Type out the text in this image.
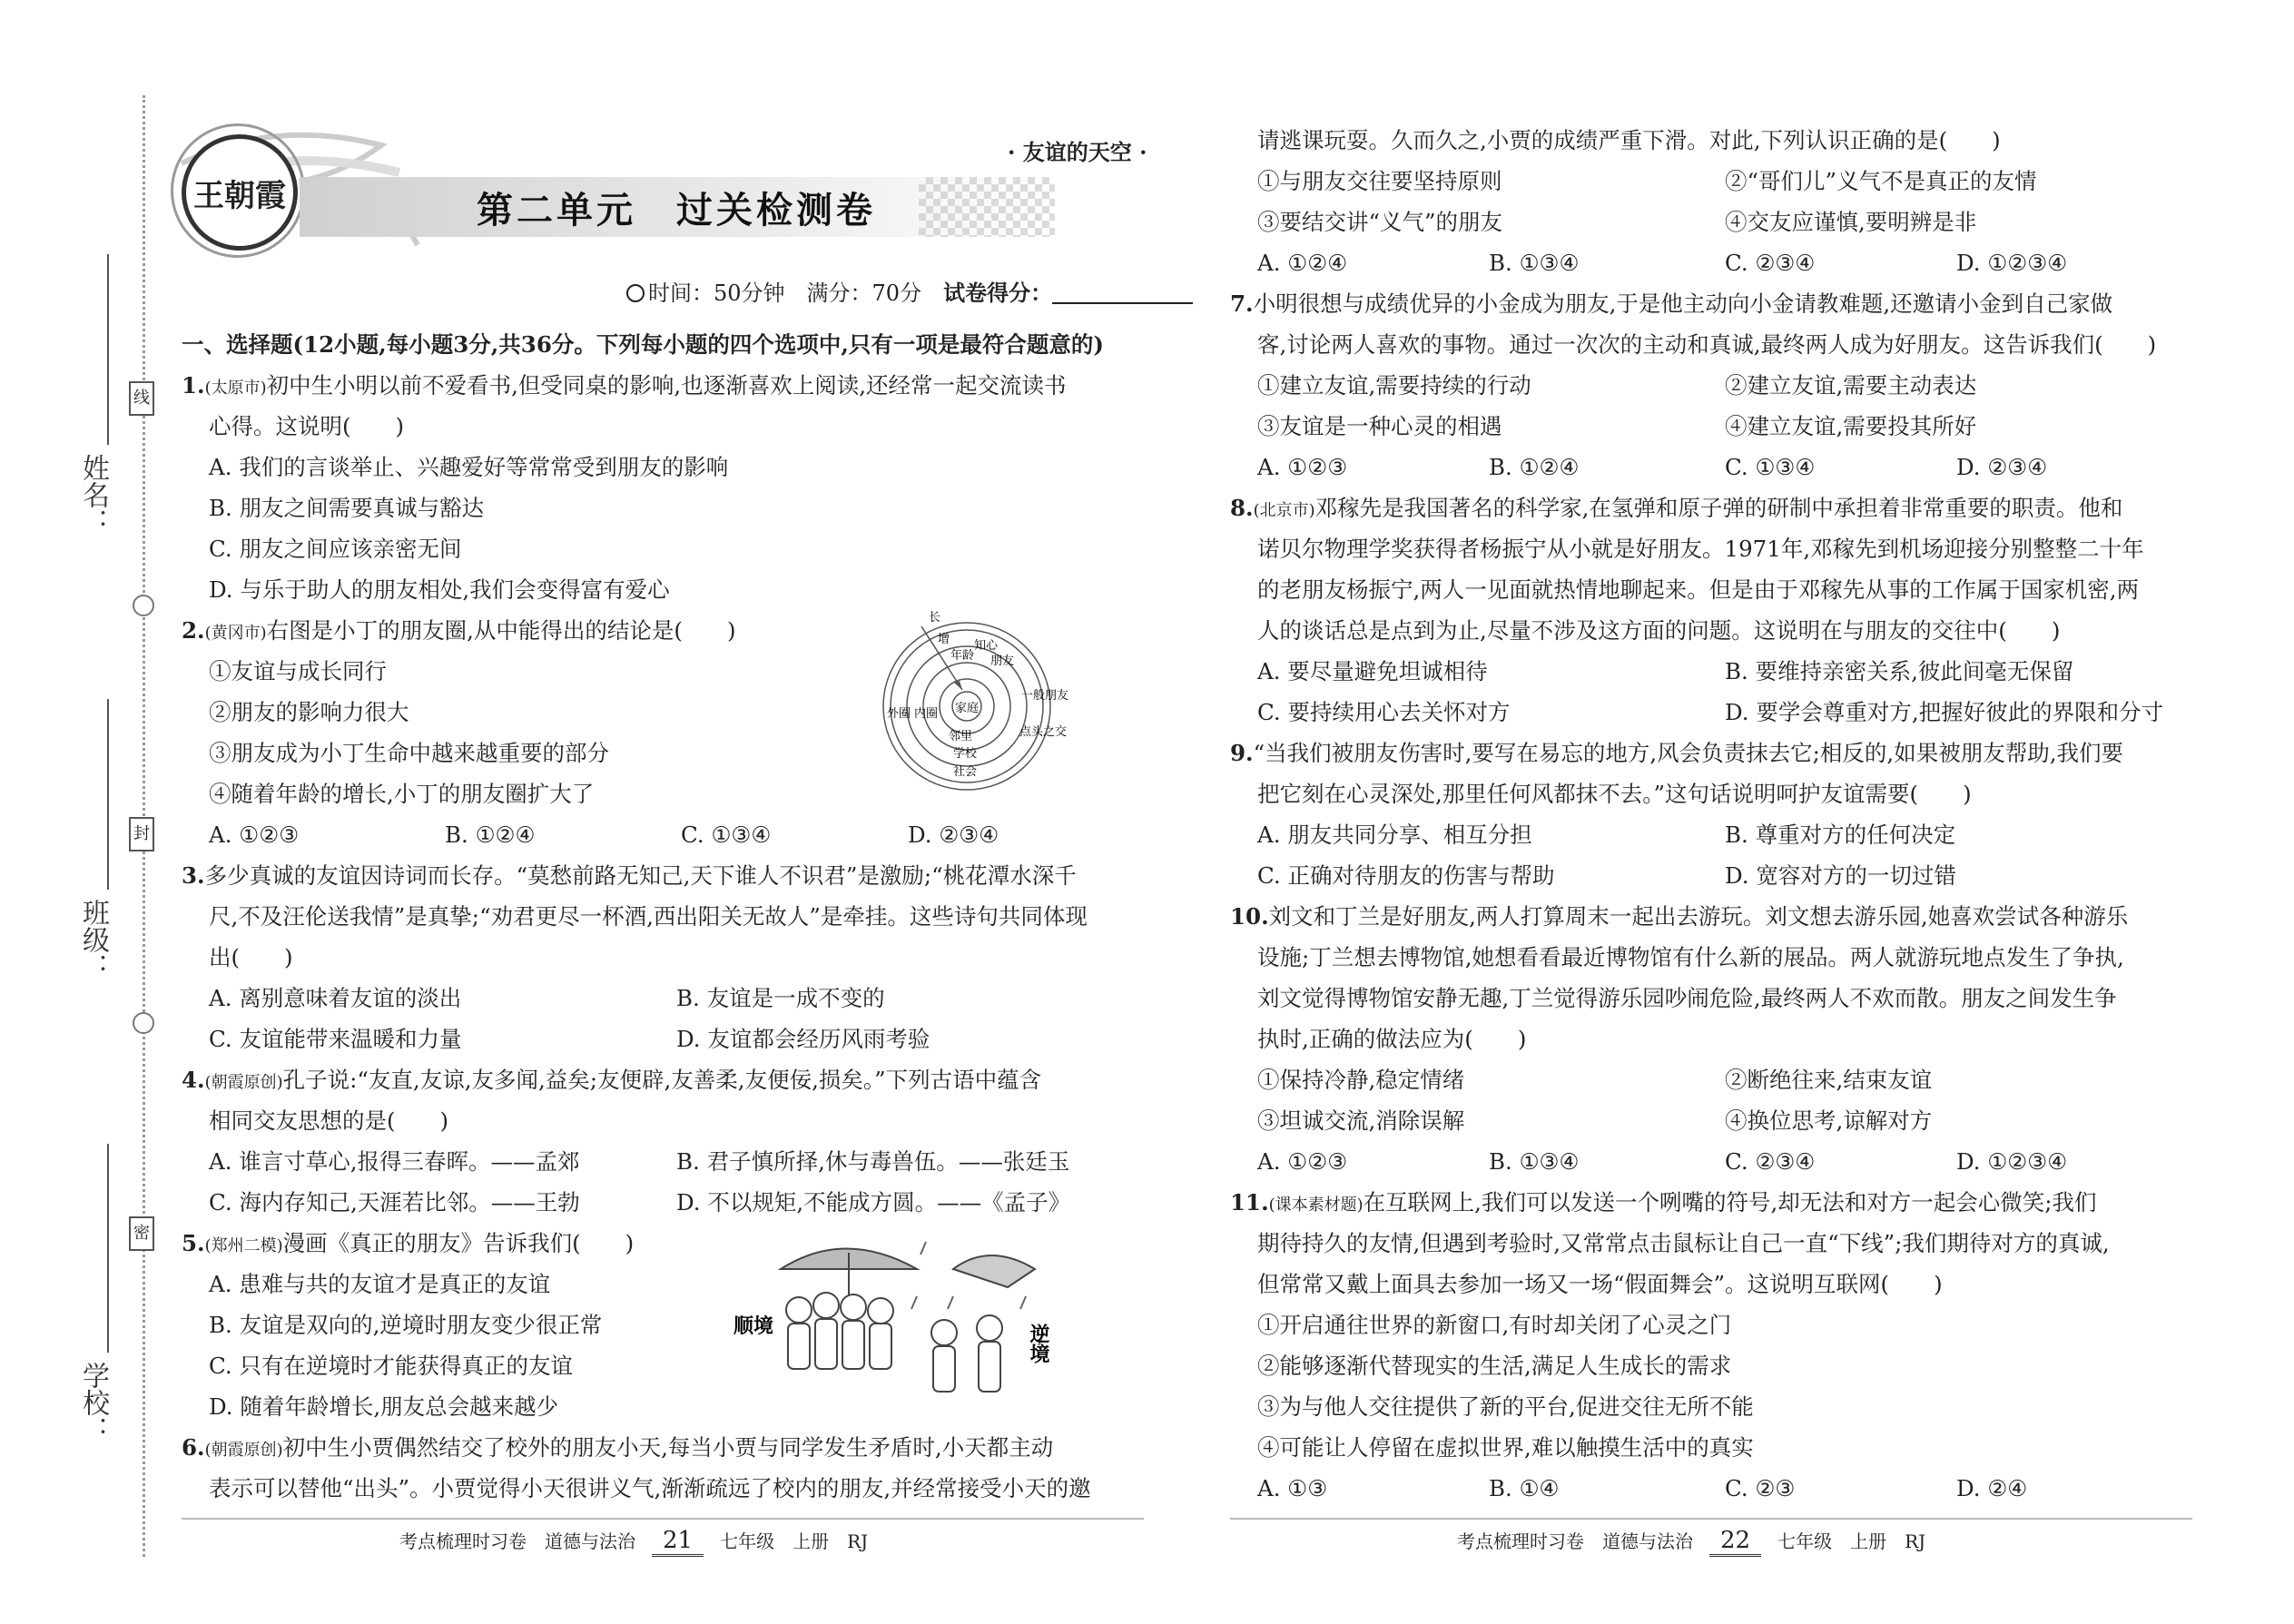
姓名：
班级：
学校：
线
封
密
王朝霞
· 友谊的天空 ·
第二单元　过关检测卷
时间：50分钟　满分：70分　试卷得分：
一、选择题(12小题,每小题3分,共36分。下列每小题的四个选项中,只有一项是最符合题意的)
1.(太原市)初中生小明以前不爱看书,但受同桌的影响,也逐渐喜欢上阅读,还经常一起交流读书
心得。这说明(　　)
A. 我们的言谈举止、兴趣爱好等常常受到朋友的影响
B. 朋友之间需要真诚与豁达
C. 朋友之间应该亲密无间
D. 与乐于助人的朋友相处,我们会变得富有爱心
2.(黄冈市)右图是小丁的朋友圈,从中能得出的结论是(　　)
①友谊与成长同行
②朋友的影响力很大
③朋友成为小丁生命中越来越重要的部分
④随着年龄的增长,小丁的朋友圈扩大了
A. ①②③	B. ①②④	C. ①③④	D. ②③④
长
增
年龄
知心
朋友
家庭
邻里
学校
社会
外圈 内圈
一般朋友
点头之交
3.多少真诚的友谊因诗词而长存。“莫愁前路无知己,天下谁人不识君”是激励;“桃花潭水深千
尺,不及汪伦送我情”是真挚;“劝君更尽一杯酒,西出阳关无故人”是牵挂。这些诗句共同体现
出(　　)
A. 离别意味着友谊的淡出	B. 友谊是一成不变的
C. 友谊能带来温暖和力量	D. 友谊都会经历风雨考验
4.(朝霞原创)孔子说:“友直,友谅,友多闻,益矣;友便辟,友善柔,友便佞,损矣。”下列古语中蕴含
相同交友思想的是(　　)
A. 谁言寸草心,报得三春晖。——孟郊	B. 君子慎所择,休与毒兽伍。——张廷玉
C. 海内存知己,天涯若比邻。——王勃	D. 不以规矩,不能成方圆。——《孟子》
5.(郑州二模)漫画《真正的朋友》告诉我们(　　)
A. 患难与共的友谊才是真正的友谊
B. 友谊是双向的,逆境时朋友变少很正常
C. 只有在逆境时才能获得真正的友谊
D. 随着年龄增长,朋友总会越来越少
顺境	逆境
6.(朝霞原创)初中生小贾偶然结交了校外的朋友小天,每当小贾与同学发生矛盾时,小天都主动
表示可以替他“出头”。小贾觉得小天很讲义气,渐渐疏远了校内的朋友,并经常接受小天的邀
考点梳理时习卷　道德与法治 21 七年级　上册　RJ
请逃课玩耍。久而久之,小贾的成绩严重下滑。对此,下列认识正确的是(　　)
①与朋友交往要坚持原则	②“哥们儿”义气不是真正的友情
③要结交讲“义气”的朋友	④交友应谨慎,要明辨是非
A. ①②④	B. ①③④	C. ②③④	D. ①②③④
7.小明很想与成绩优异的小金成为朋友,于是他主动向小金请教难题,还邀请小金到自己家做
客,讨论两人喜欢的事物。通过一次次的主动和真诚,最终两人成为好朋友。这告诉我们(　　)
①建立友谊,需要持续的行动	②建立友谊,需要主动表达
③友谊是一种心灵的相遇	④建立友谊,需要投其所好
A. ①②③	B. ①②④	C. ①③④	D. ②③④
8.(北京市)邓稼先是我国著名的科学家,在氢弹和原子弹的研制中承担着非常重要的职责。他和
诺贝尔物理学奖获得者杨振宁从小就是好朋友。1971年,邓稼先到机场迎接分别整整二十年
的老朋友杨振宁,两人一见面就热情地聊起来。但是由于邓稼先从事的工作属于国家机密,两
人的谈话总是点到为止,尽量不涉及这方面的问题。这说明在与朋友的交往中(　　)
A. 要尽量避免坦诚相待	B. 要维持亲密关系,彼此间毫无保留
C. 要持续用心去关怀对方	D. 要学会尊重对方,把握好彼此的界限和分寸
9.“当我们被朋友伤害时,要写在易忘的地方,风会负责抹去它;相反的,如果被朋友帮助,我们要
把它刻在心灵深处,那里任何风都抹不去。”这句话说明呵护友谊需要(　　)
A. 朋友共同分享、相互分担	B. 尊重对方的任何决定
C. 正确对待朋友的伤害与帮助	D. 宽容对方的一切过错
10.刘文和丁兰是好朋友,两人打算周末一起出去游玩。刘文想去游乐园,她喜欢尝试各种游乐
设施;丁兰想去博物馆,她想看看最近博物馆有什么新的展品。两人就游玩地点发生了争执,
刘文觉得博物馆安静无趣,丁兰觉得游乐园吵闹危险,最终两人不欢而散。朋友之间发生争
执时,正确的做法应为(　　)
①保持冷静,稳定情绪	②断绝往来,结束友谊
③坦诚交流,消除误解	④换位思考,谅解对方
A. ①②③	B. ①③④	C. ②③④	D. ①②③④
11.(课本素材题)在互联网上,我们可以发送一个咧嘴的符号,却无法和对方一起会心微笑;我们
期待持久的友情,但遇到考验时,又常常点击鼠标让自己一直“下线”;我们期待对方的真诚,
但常常又戴上面具去参加一场又一场“假面舞会”。这说明互联网(　　)
①开启通往世界的新窗口,有时却关闭了心灵之门
②能够逐渐代替现实的生活,满足人生成长的需求
③为与他人交往提供了新的平台,促进交往无所不能
④可能让人停留在虚拟世界,难以触摸生活中的真实
A. ①③	B. ①④	C. ②③	D. ②④
考点梳理时习卷　道德与法治 22 七年级　上册　RJ
